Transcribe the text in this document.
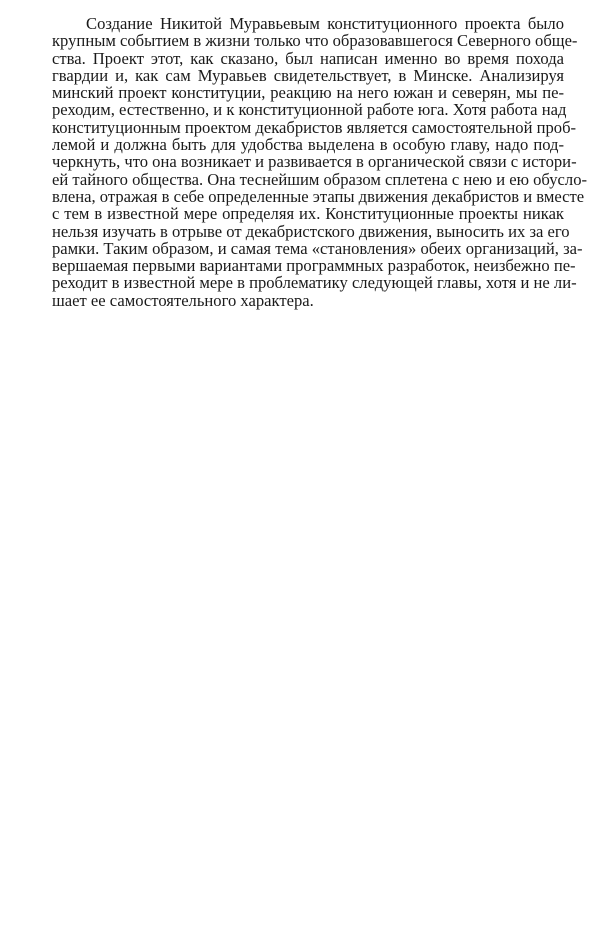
Создание Никитой Муравьевым конституционного проекта было
крупным событием в жизни только что образовавшегося Северного обще-
ства. Проект этот, как сказано, был написан именно во время похода
гвардии и, как сам Муравьев свидетельствует, в Минске. Анализируя
минский проект конституции, реакцию на него южан и северян, мы пе-
реходим, естественно, и к конституционной работе юга. Хотя работа над
конституционным проектом декабристов является самостоятельной проб-
лемой и должна быть для удобства выделена в особую главу, надо под-
черкнуть, что она возникает и развивается в органической связи с истори-
ей тайного общества. Она теснейшим образом сплетена с нею и ею обусло-
влена, отражая в себе определенные этапы движения декабристов и вместе
с тем в известной мере определяя их. Конституционные проекты никак
нельзя изучать в отрыве от декабристского движения, выносить их за его
рамки. Таким образом, и самая тема «становления» обеих организаций, за-
вершаемая первыми вариантами программных разработок, неизбежно пе-
реходит в известной мере в проблематику следующей главы, хотя и не ли-
шает ее самостоятельного характера.
